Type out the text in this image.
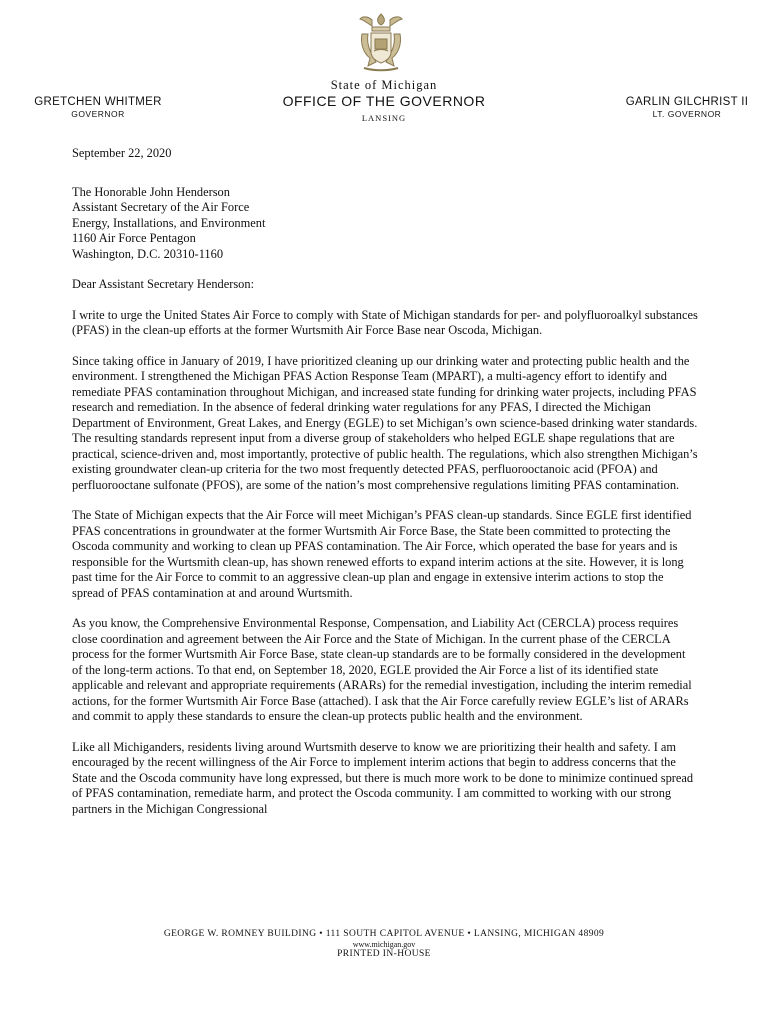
State of Michigan
OFFICE OF THE GOVERNOR
LANSING
GRETCHEN WHITMER
GOVERNOR
GARLIN GILCHRIST II
LT. GOVERNOR

September 22, 2020

The Honorable John Henderson

Assistant Secretary of the Air Force

Energy, Installations, and Environment

1160 Air Force Pentagon

Washington, D.C. 20310-1160

Dear Assistant Secretary Henderson:

I write to urge the United States Air Force to comply with State of Michigan standards for per- and polyfluoroalkyl substances (PFAS) in the clean-up efforts at the former Wurtsmith Air Force Base near Oscoda, Michigan.

Since taking office in January of 2019, I have prioritized cleaning up our drinking water and protecting public health and the environment. I strengthened the Michigan PFAS Action Response Team (MPART), a multi-agency effort to identify and remediate PFAS contamination throughout Michigan, and increased state funding for drinking water projects, including PFAS research and remediation. In the absence of federal drinking water regulations for any PFAS, I directed the Michigan Department of Environment, Great Lakes, and Energy (EGLE) to set Michigan’s own science-based drinking water standards. The resulting standards represent input from a diverse group of stakeholders who helped EGLE shape regulations that are practical, science-driven and, most importantly, protective of public health. The regulations, which also strengthen Michigan’s existing groundwater clean-up criteria for the two most frequently detected PFAS, perfluorooctanoic acid (PFOA) and perfluorooctane sulfonate (PFOS), are some of the nation’s most comprehensive regulations limiting PFAS contamination.

The State of Michigan expects that the Air Force will meet Michigan’s PFAS clean-up standards. Since EGLE first identified PFAS concentrations in groundwater at the former Wurtsmith Air Force Base, the State been committed to protecting the Oscoda community and working to clean up PFAS contamination. The Air Force, which operated the base for years and is responsible for the Wurtsmith clean-up, has shown renewed efforts to expand interim actions at the site. However, it is long past time for the Air Force to commit to an aggressive clean-up plan and engage in extensive interim actions to stop the spread of PFAS contamination at and around Wurtsmith.

As you know, the Comprehensive Environmental Response, Compensation, and Liability Act (CERCLA) process requires close coordination and agreement between the Air Force and the State of Michigan. In the current phase of the CERCLA process for the former Wurtsmith Air Force Base, state clean-up standards are to be formally considered in the development of the long-term actions. To that end, on September 18, 2020, EGLE provided the Air Force a list of its identified state applicable and relevant and appropriate requirements (ARARs) for the remedial investigation, including the interim remedial actions, for the former Wurtsmith Air Force Base (attached). I ask that the Air Force carefully review EGLE’s list of ARARs and commit to apply these standards to ensure the clean-up protects public health and the environment.

Like all Michiganders, residents living around Wurtsmith deserve to know we are prioritizing their health and safety. I am encouraged by the recent willingness of the Air Force to implement interim actions that begin to address concerns that the State and the Oscoda community have long expressed, but there is much more work to be done to minimize continued spread of PFAS contamination, remediate harm, and protect the Oscoda community. I am committed to working with our strong partners in the Michigan Congressional

GEORGE W. ROMNEY BUILDING • 111 SOUTH CAPITOL AVENUE • LANSING, MICHIGAN 48909
www.michigan.gov
PRINTED IN-HOUSE
